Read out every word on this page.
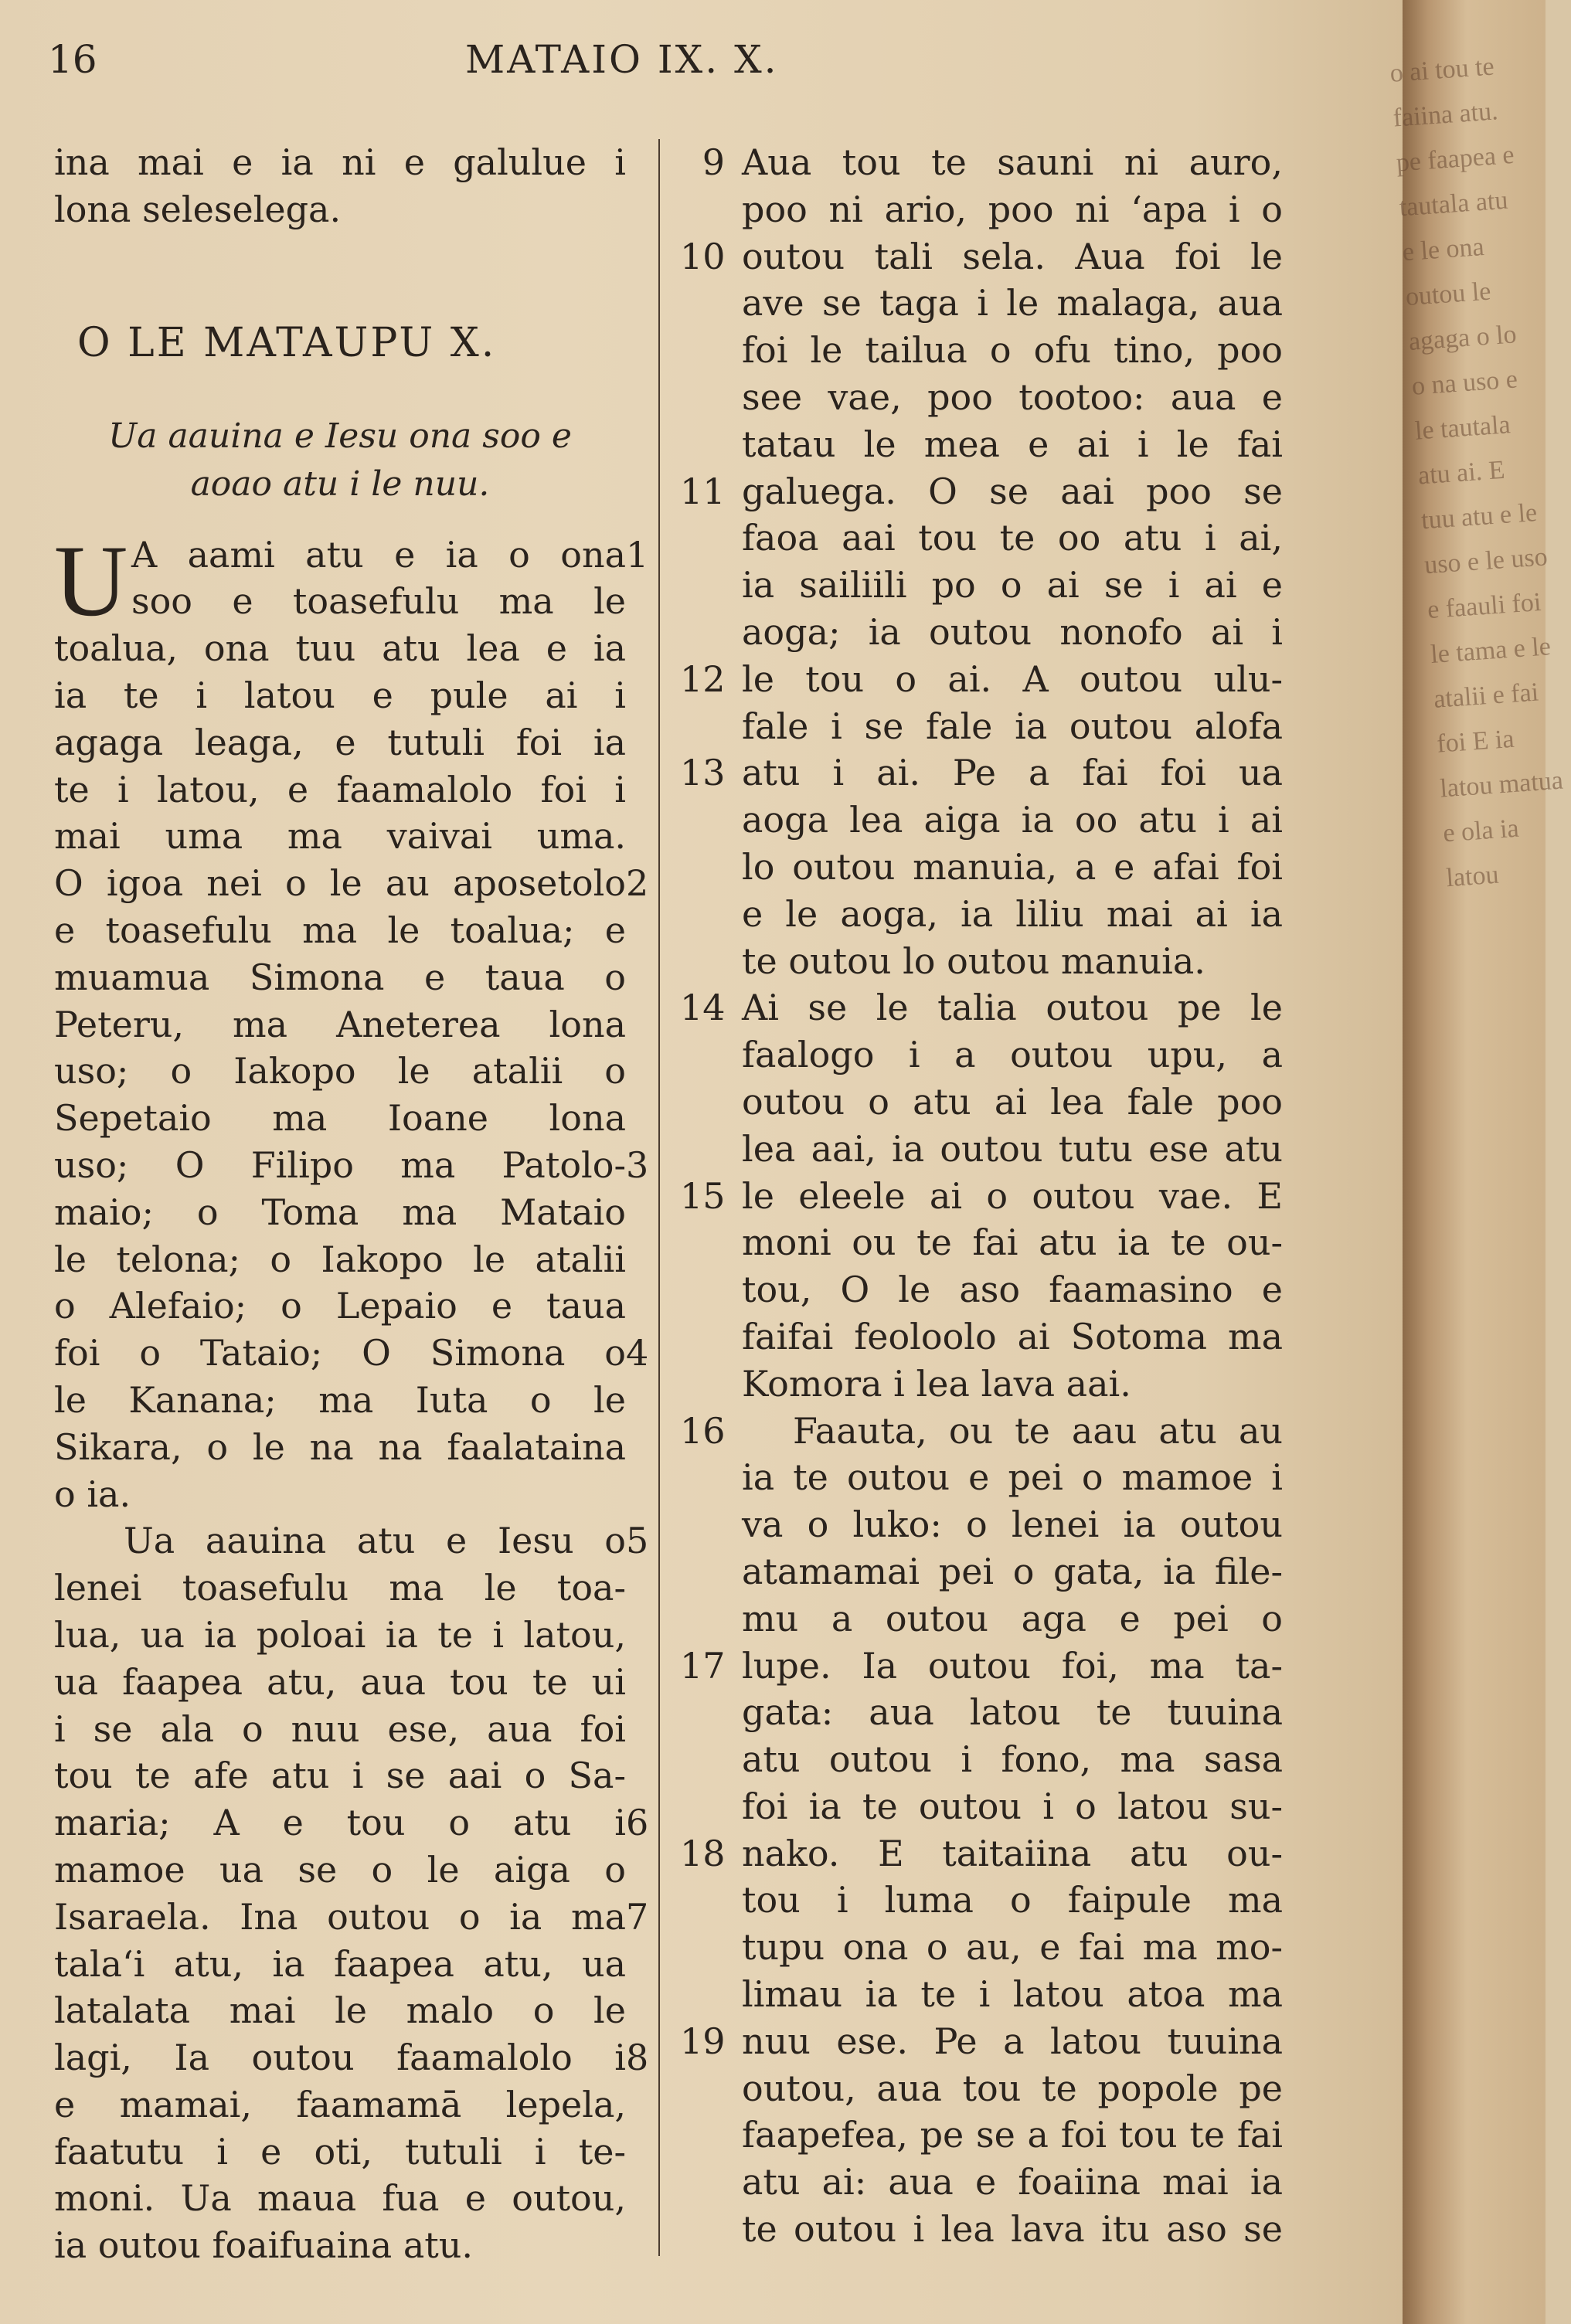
16	MATAIO IX. X.
ina mai e ia ni e galulue i
lona seleselega.
O LE MATAUPU X.
Ua aauina e Iesu ona soo e
aoao atu i le nuu.
U A aami atu e ia o ona 1
soo e toasefulu ma le
toalua, ona tuu atu lea e ia
ia te i latou e pule ai i
agaga leaga, e tutuli foi ia
te i latou, e faamalolo foi i
mai uma ma vaivai uma.
O igoa nei o le au aposetolo 2
e toasefulu ma le toalua; e
muamua Simona e taua o
Peteru, ma Aneterea lona
uso; o Iakopo le atalii o
Sepetaio ma Ioane lona
uso; O Filipo ma Patolo- 3
maio; o Toma ma Mataio
le telona; o Iakopo le atalii
o Alefaio; o Lepaio e taua
foi o Tataio; O Simona o 4
le Kanana; ma Iuta o le
Sikara, o le na na faalataina
o ia.
Ua aauina atu e Iesu o 5
lenei toasefulu ma le toa-
lua, ua ia poloai ia te i latou,
ua faapea atu, aua tou te ui
i se ala o nuu ese, aua foi
tou te afe atu i se aai o Sa-
maria; A e tou o atu i 6
mamoe ua se o le aiga o
Isaraela. Ina outou o ia ma 7
tala‘i atu, ia faapea atu, ua
latalata mai le malo o le
lagi, Ia outou faamalolo i 8
e mamai, faamamā lepela,
faatutu i e oti, tutuli i te-
moni. Ua maua fua e outou,
ia outou foaifuaina atu.
9 Aua tou te sauni ni auro,
poo ni ario, poo ni ‘apa i o
10 outou tali sela. Aua foi le
ave se taga i le malaga, aua
foi le tailua o ofu tino, poo
see vae, poo tootoo: aua e
tatau le mea e ai i le fai
11 galuega. O se aai poo se
faoa aai tou te oo atu i ai,
ia sailiili po o ai se i ai e
aoga; ia outou nonofo ai i
12 le tou o ai. A outou ulu-
fale i se fale ia outou alofa
13 atu i ai. Pe a fai foi ua
aoga lea aiga ia oo atu i ai
lo outou manuia, a e afai foi
e le aoga, ia liliu mai ai ia
te outou lo outou manuia.
14 Ai se le talia outou pe le
faalogo i a outou upu, a
outou o atu ai lea fale poo
lea aai, ia outou tutu ese atu
15 le eleele ai o outou vae. E
moni ou te fai atu ia te ou-
tou, O le aso faamasino e
faifai feoloolo ai Sotoma ma
Komora i lea lava aai.
16 Faauta, ou te aau atu au
ia te outou e pei o mamoe i
va o luko: o lenei ia outou
atamamai pei o gata, ia file-
mu a outou aga e pei o
17 lupe. Ia outou foi, ma ta-
gata: aua latou te tuuina
atu outou i fono, ma sasa
foi ia te outou i o latou su-
18 nako. E taitaiina atu ou-
tou i luma o faipule ma
tupu ona o au, e fai ma mo-
limau ia te i latou atoa ma
19 nuu ese. Pe a latou tuuina
outou, aua tou te popole pe
faapefea, pe se a foi tou te fai
atu ai: aua e foaiina mai ia
te outou i lea lava itu aso se
o ai tou te faiina atu. pe faapea e tautala atu e le ona outou le agaga o lo o na uso e le tautala atu ai. E tuu atu e le uso e le uso e faauli foi le tama e le atalii e fai foi E ia latou matua e ola ia latou
